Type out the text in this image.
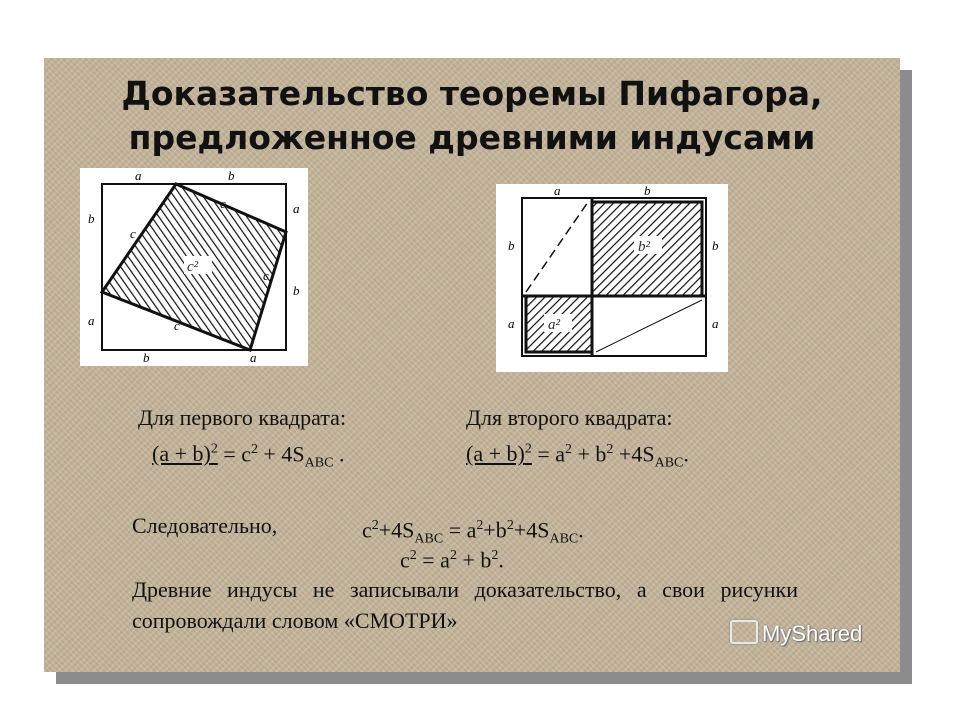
Доказательство теоремы Пифагора,
предложенное древними индусами
c²
a	b
b
a
a
b
b	a
c
c
c
c
b²
a²
a	b
b
a
b
a
Для первого квадрата:
$(a + b)^2 = c^2 + 4S_{ABC}$ .
Для второго квадрата:
$(a + b)^2 = a^2 + b^2 +4S_{ABC}$.
Следовательно,	$c^2+4S_{ABC} = a^2+b^2+4S_{ABC}$.
$c^2 = a^2 + b^2$.
Древние индусы не записывали доказательство, а свои рисунки сопровождали словом «СМОТРИ»
MyShared
